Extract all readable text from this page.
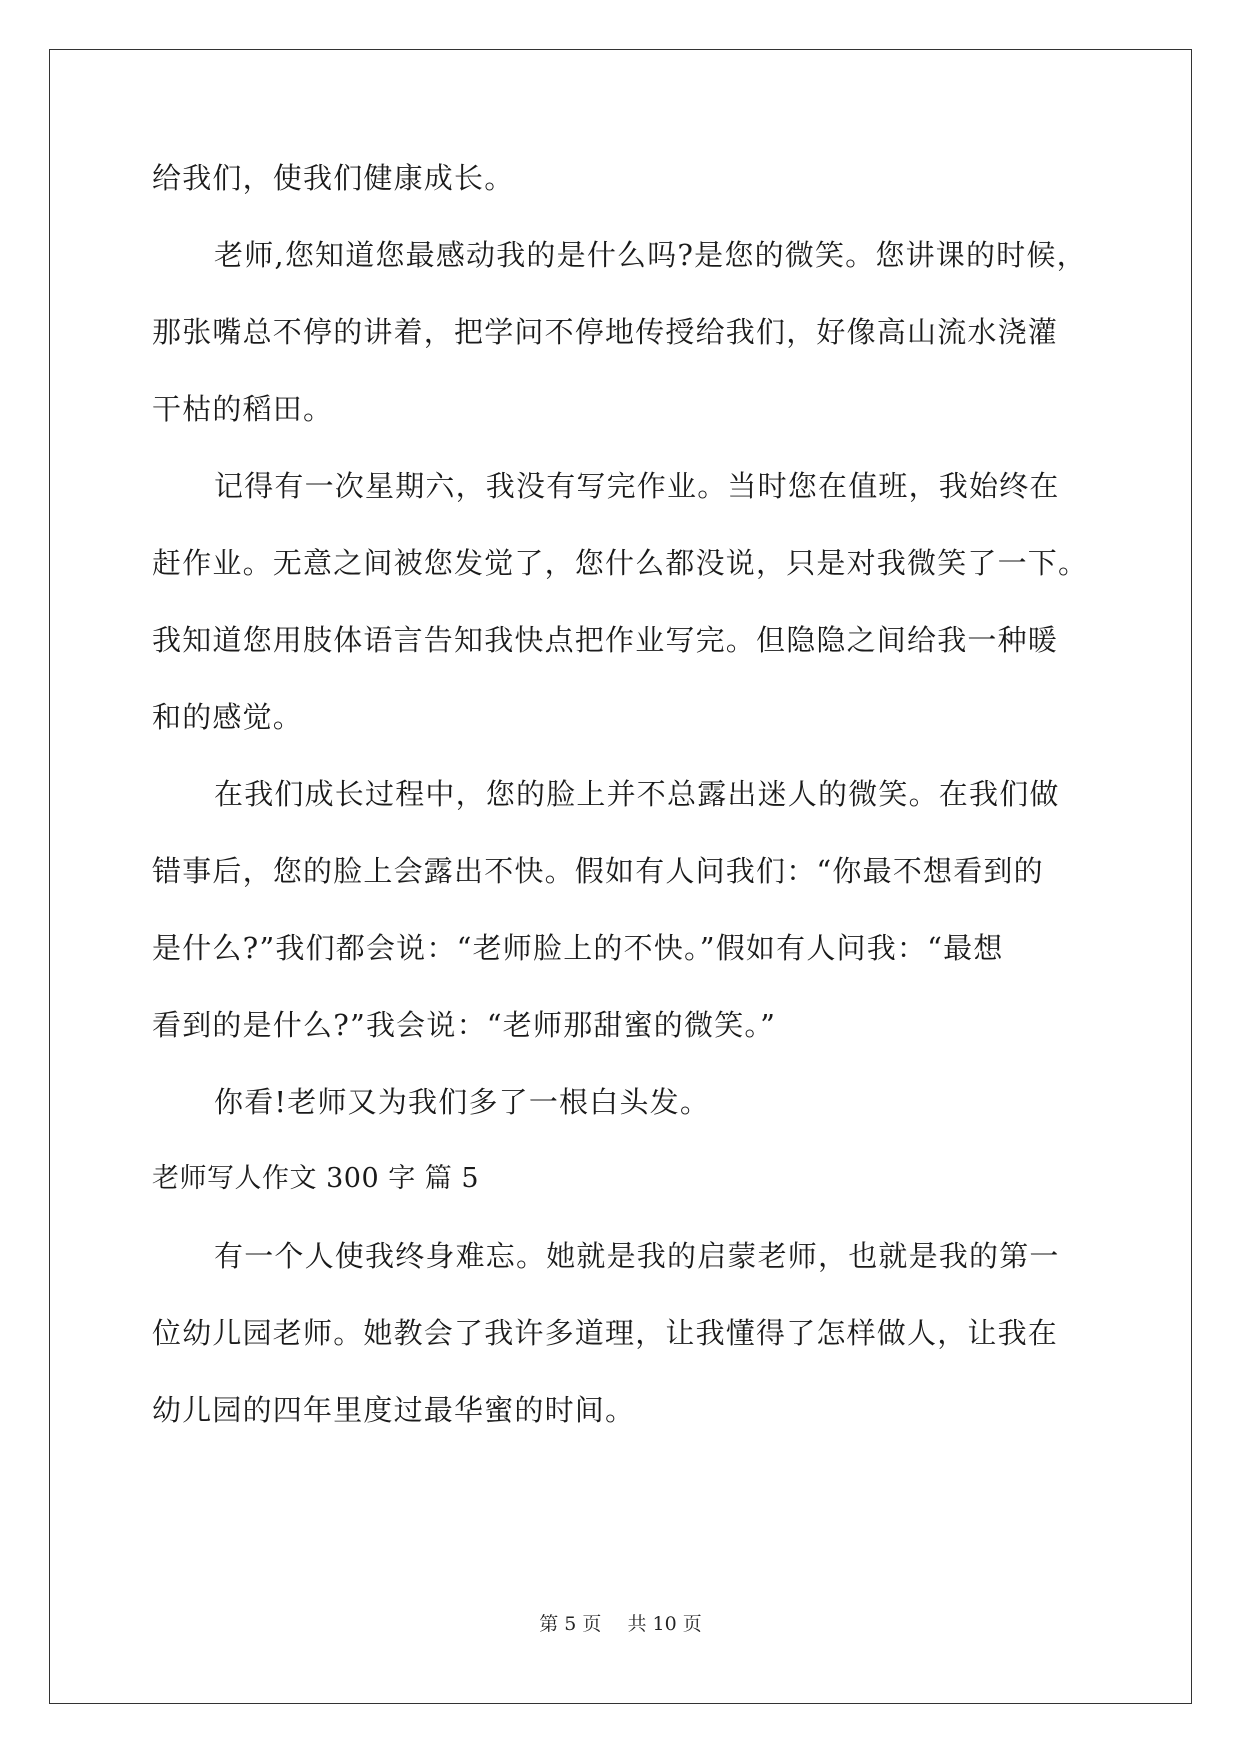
给我们，使我们健康成长。
老师,您知道您最感动我的是什么吗?是您的微笑。您讲课的时候，
那张嘴总不停的讲着，把学问不停地传授给我们，好像高山流水浇灌
干枯的稻田。
记得有一次星期六，我没有写完作业。当时您在值班，我始终在
赶作业。无意之间被您发觉了，您什么都没说，只是对我微笑了一下。
我知道您用肢体语言告知我快点把作业写完。但隐隐之间给我一种暖
和的感觉。
在我们成长过程中，您的脸上并不总露出迷人的微笑。在我们做
错事后，您的脸上会露出不快。假如有人问我们：“你最不想看到的
是什么?”我们都会说：“老师脸上的不快。”假如有人问我：“最想
看到的是什么?”我会说：“老师那甜蜜的微笑。”
你看!老师又为我们多了一根白头发。
老师写人作文 300 字 篇 5
有一个人使我终身难忘。她就是我的启蒙老师，也就是我的第一
位幼儿园老师。她教会了我许多道理，让我懂得了怎样做人，让我在
幼儿园的四年里度过最华蜜的时间。
第 5 页 共 10 页
